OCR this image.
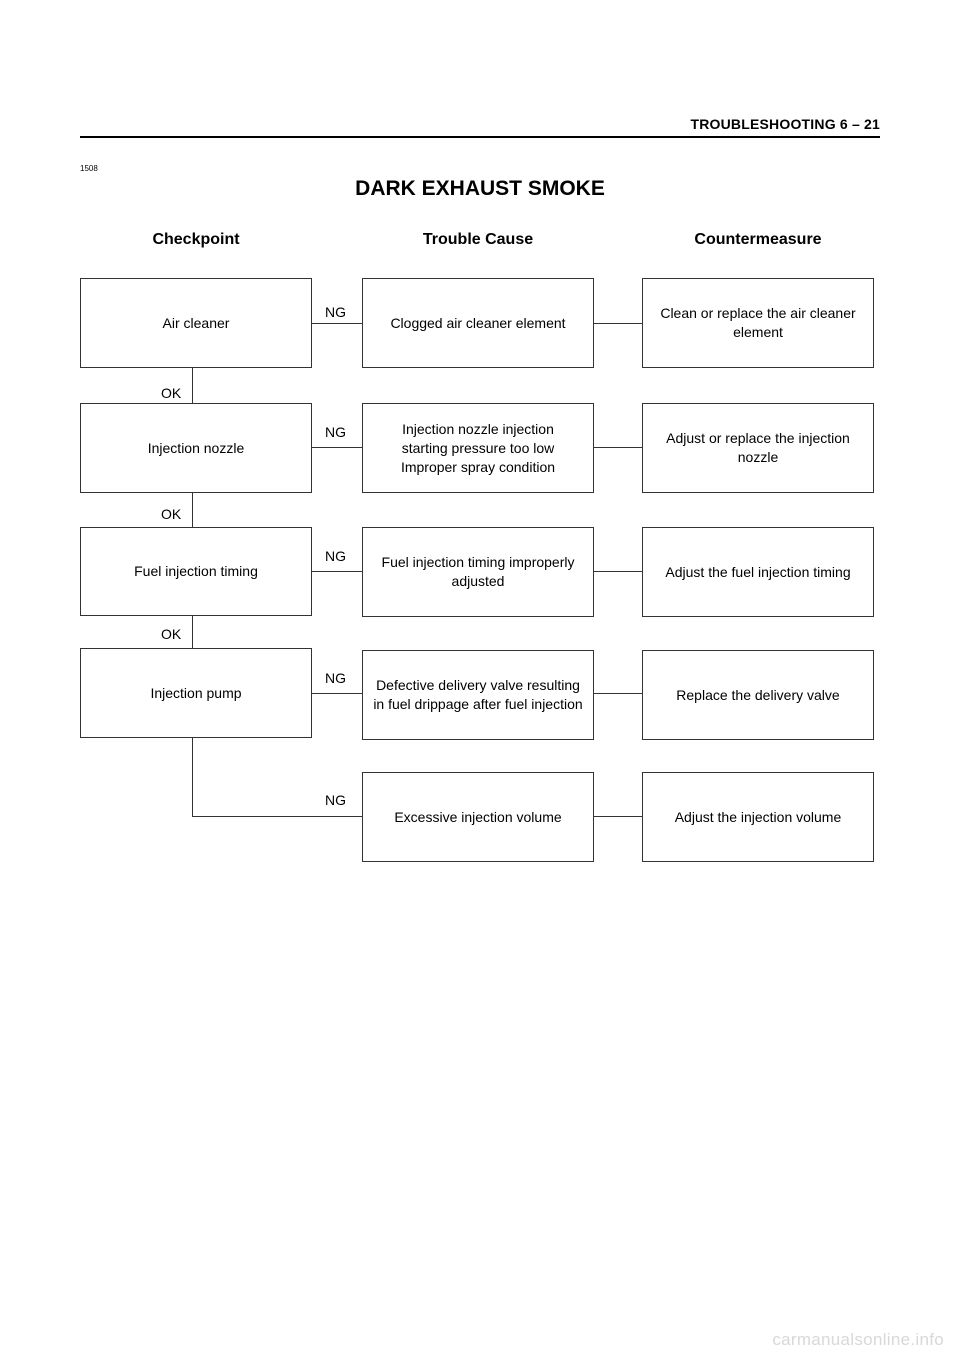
TROUBLESHOOTING 6 – 21
1508
DARK EXHAUST SMOKE
Checkpoint	Trouble Cause	Countermeasure
OK
OK
OK
NG
NG
NG
NG
NG
Air cleaner	Clogged air cleaner element
Clean or replace the air cleaner element
Injection nozzle
Injection nozzle injection starting pressure too low Improper spray condition
Adjust or replace the injection nozzle
Fuel injection timing
Fuel injection timing improperly adjusted
Adjust the fuel injection timing
Injection pump	Defective delivery valve resulting in fuel drippage after fuel injection
Replace the delivery valve
Excessive injection volume	Adjust the injection volume
carmanualsonline.info
